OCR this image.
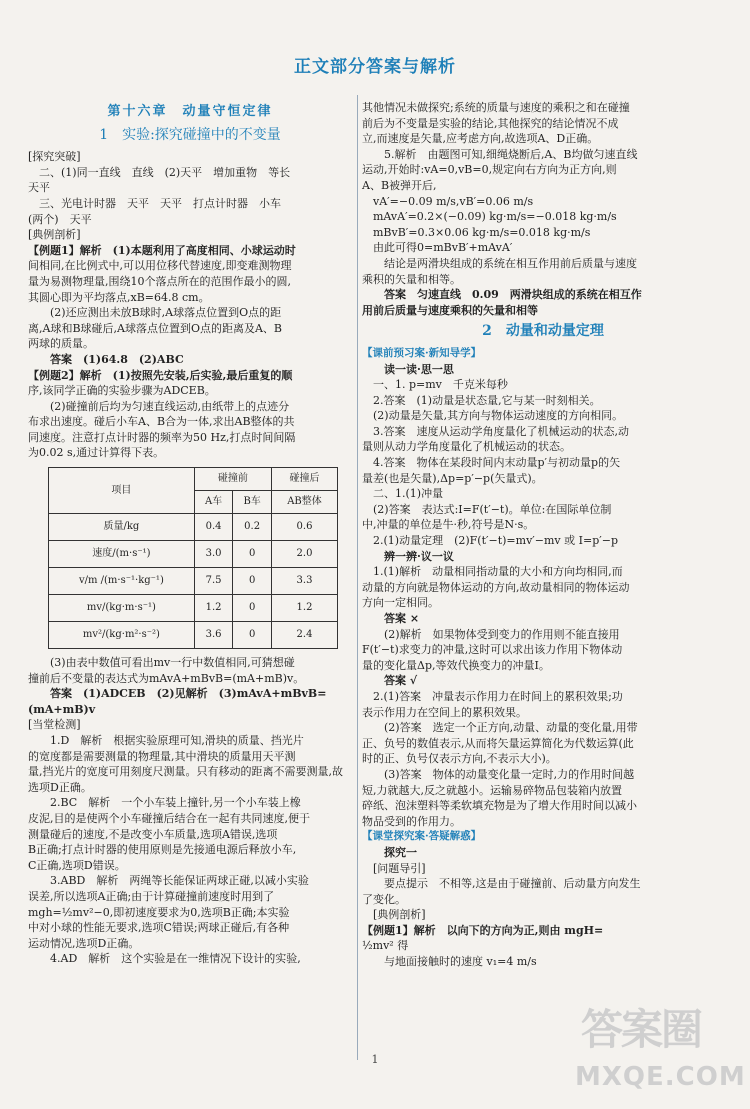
正文部分答案与解析
第十六章　动量守恒定律
1　实验:探究碰撞中的不变量

[探究突破]

二、(1)同一直线　直线　(2)天平　增加重物　等长

天平

三、光电计时器　天平　天平　打点计时器　小车

(两个)　天平

[典例剖析]

【例题1】解析　(1)本题利用了高度相同、小球运动时

间相同,在比例式中,可以用位移代替速度,即变难测物理

量为易测物理量,围绕10个落点所在的范围作最小的圆,

其圆心即为平均落点,xB=64.8 cm。

(2)还应测出未放B球时,A球落点位置到O点的距

离,A球和B球碰后,A球落点位置到O点的距离及A、B

两球的质量。

答案　(1)64.8　(2)ABC

【例题2】解析　(1)按照先安装,后实验,最后重复的顺

序,该同学正确的实验步骤为ADCEB。

(2)碰撞前后均为匀速直线运动,由纸带上的点迹分

布求出速度。碰后小车A、B合为一体,求出AB整体的共

同速度。注意打点计时器的频率为50 Hz,打点时间间隔

为0.02 s,通过计算得下表。

项目	碰撞前		碰撞后
	A车	B车	AB整体
质量/kg	0.4	0.2	0.6
速度/(m·s⁻¹)	3.0	0	2.0
v/m /(m·s⁻¹·kg⁻¹)	7.5	0	3.3
mv/(kg·m·s⁻¹)	1.2	0	1.2
mv²/(kg·m²·s⁻²)	3.6	0	2.4

(3)由表中数值可看出mv一行中数值相同,可猜想碰

撞前后不变量的表达式为mAvA+mBvB=(mA+mB)v。

答案　(1)ADCEB　(2)见解析　(3)mAvA+mBvB=

(mA+mB)v

[当堂检测]

1.D　解析　根据实验原理可知,滑块的质量、挡光片

的宽度都是需要测量的物理量,其中滑块的质量用天平测

量,挡光片的宽度可用刻度尺测量。只有移动的距离不需要测量,故

选项D正确。

2.BC　解析　一个小车装上撞针,另一个小车装上橡

皮泥,目的是使两个小车碰撞后结合在一起有共同速度,便于

测量碰后的速度,不是改变小车质量,选项A错误,选项

B正确;打点计时器的使用原则是先接通电源后释放小车,

C正确,选项D错误。

3.ABD　解析　两绳等长能保证两球正碰,以减小实验

误差,所以选项A正确;由于计算碰撞前速度时用到了

mgh=½mv²−0,即初速度要求为0,选项B正确;本实验

中对小球的性能无要求,选项C错误;两球正碰后,有各种

运动情况,选项D正确。

4.AD　解析　这个实验是在一维情况下设计的实验,

其他情况未做探究;系统的质量与速度的乘积之和在碰撞

前后为不变量是实验的结论,其他探究的结论情况不成

立,而速度是矢量,应考虑方向,故选项A、D正确。

5.解析　由题图可知,细绳烧断后,A、B均做匀速直线

运动,开始时:vA=0,vB=0,规定向右方向为正方向,则

A、B被弹开后,

vA′=−0.09 m/s,vB′=0.06 m/s

mAvA′=0.2×(−0.09) kg·m/s=−0.018 kg·m/s

mBvB′=0.3×0.06 kg·m/s=0.018 kg·m/s

由此可得0=mBvB′+mAvA′

结论是两滑块组成的系统在相互作用前后质量与速度

乘积的矢量和相等。

答案　匀速直线　0.09　两滑块组成的系统在相互作

用前后质量与速度乘积的矢量和相等

2　动量和动量定理

【课前预习案·新知导学】

读一读·思一思

一、1. p=mv　千克米每秒

2.答案　(1)动量是状态量,它与某一时刻相关。

(2)动量是矢量,其方向与物体运动速度的方向相同。

3.答案　速度从运动学角度量化了机械运动的状态,动

量则从动力学角度量化了机械运动的状态。

4.答案　物体在某段时间内末动量p′与初动量p的矢

量差(也是矢量),Δp=p′−p(矢量式)。

二、1.(1)冲量

(2)答案　表达式:I=F(t′−t)。单位:在国际单位制

中,冲量的单位是牛·秒,符号是N·s。

2.(1)动量定理　(2)F(t′−t)=mv′−mv 或 I=p′−p

辨一辨·议一议

1.(1)解析　动量相同指动量的大小和方向均相同,而

动量的方向就是物体运动的方向,故动量相同的物体运动

方向一定相同。

答案 ×

(2)解析　如果物体受到变力的作用则不能直接用

F(t′−t)求变力的冲量,这时可以求出该力作用下物体动

量的变化量Δp,等效代换变力的冲量I。

答案 √

2.(1)答案　冲量表示作用力在时间上的累积效果;功

表示作用力在空间上的累积效果。

(2)答案　选定一个正方向,动量、动量的变化量,用带

正、负号的数值表示,从而将矢量运算简化为代数运算(此

时的正、负号仅表示方向,不表示大小)。

(3)答案　物体的动量变化量一定时,力的作用时间越

短,力就越大,反之就越小。运输易碎物品包装箱内放置

碎纸、泡沫塑料等柔软填充物是为了增大作用时间以减小

物品受到的作用力。

【课堂探究案·答疑解惑】

探究一

[问题导引]

要点提示　不相等,这是由于碰撞前、后动量方向发生

了变化。

[典例剖析]

【例题1】解析　以向下的方向为正,则由 mgH=

½mv² 得

与地面接触时的速度 v₁=4 m/s

1
答案圈
MXQE.COM
